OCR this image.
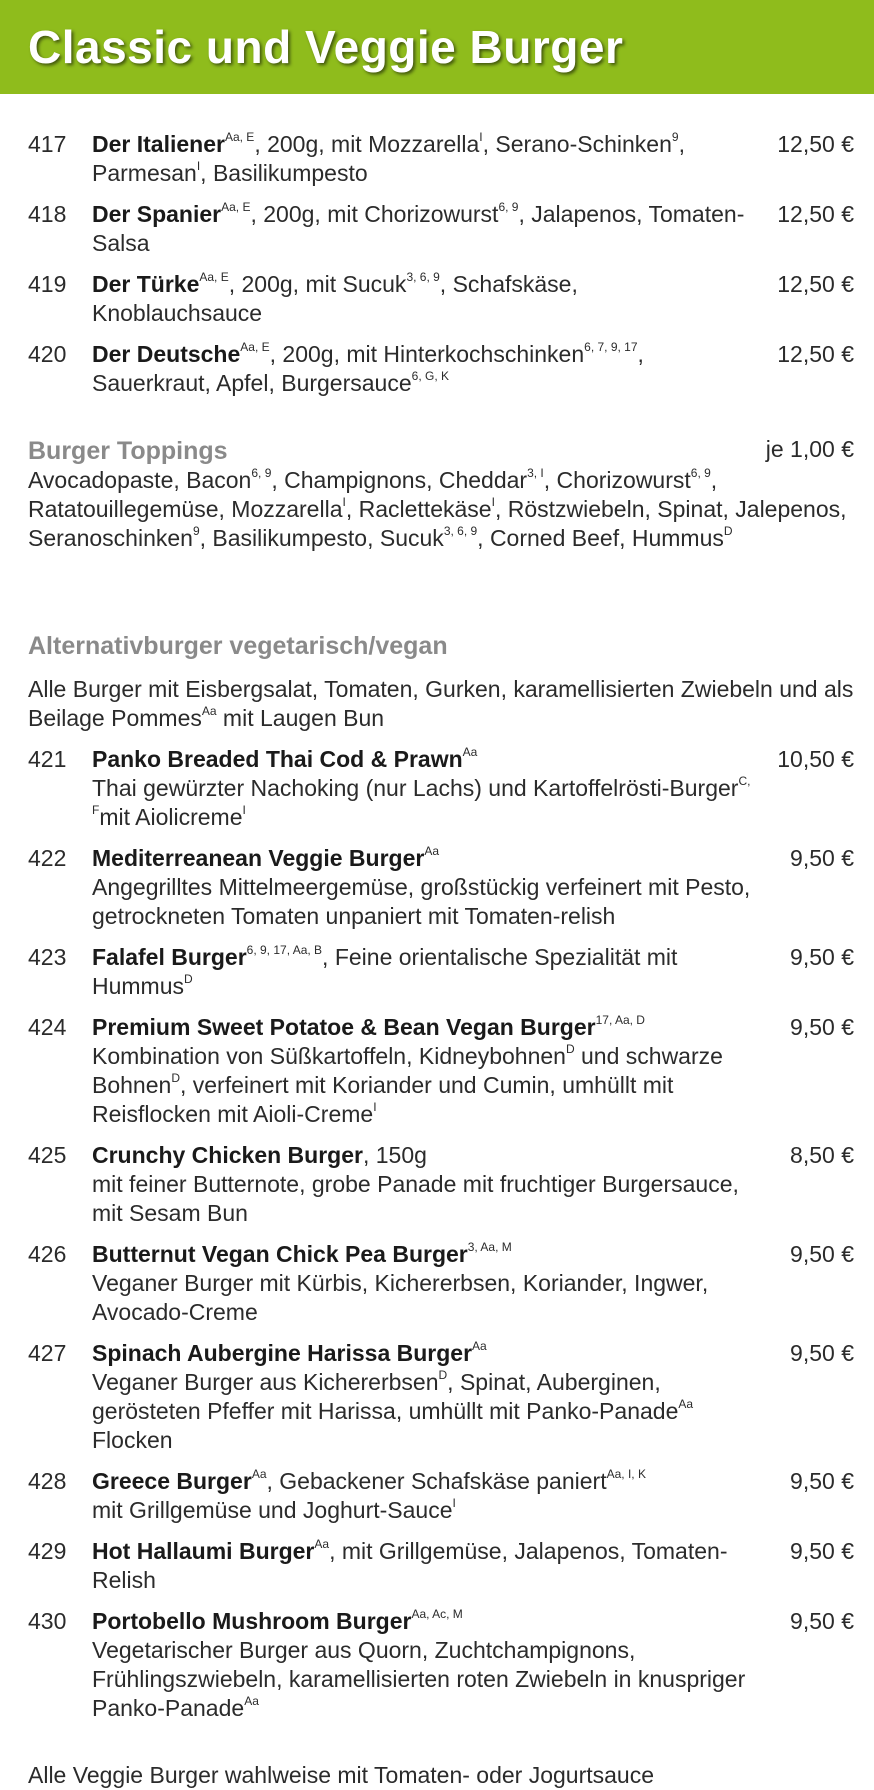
Classic und Veggie Burger
417	Der Italiener$^{Aa, E}$, 200g, mit Mozzarella$^I$, Serano-Schinken$^9$, Parmesan$^I$, Basilikumpesto
12,50 €
418	Der Spanier$^{Aa, E}$, 200g, mit Chorizowurst$^{6, 9}$, Jalapenos, Tomaten-Salsa
12,50 €
419	Der Türke$^{Aa, E}$, 200g, mit Sucuk$^{3, 6, 9}$, Schafskäse, Knoblauchsauce
12,50 €
420	Der Deutsche$^{Aa, E}$, 200g, mit Hinterkochschinken$^{6, 7, 9, 17}$, Sauerkraut, Apfel, Burgersauce$^{6, G, K}$
12,50 €
Burger Toppings	je 1,00 €
Avocadopaste, Bacon$^{6, 9}$, Champignons, Cheddar$^{3, I}$, Chorizowurst$^{6, 9}$, Ratatouillegemüse, Mozzarella$^I$, Raclettekäse$^I$, Röstzwiebeln, Spinat, Jalepenos, Seranoschinken$^9$, Basilikumpesto, Sucuk$^{3, 6, 9}$, Corned Beef, Hummus$^D$
Alternativburger vegetarisch/vegan
Alle Burger mit Eisbergsalat, Tomaten, Gurken, karamellisierten Zwiebeln und als Beilage Pommes$^{Aa}$ mit Laugen Bun
421	Panko Breaded Thai Cod & Prawn$^{Aa}$
Thai gewürzter Nachoking (nur Lachs) und Kartoffelrösti-Burger$^{C, F}$mit Aiolicreme$^I$
10,50 €
422	Mediterreanean Veggie Burger$^{Aa}$
Angegrillt﻿es Mittelmeergemüse, großstückig verfeinert mit Pesto, getrockneten Tomaten unpaniert mit Tomaten-relish
9,50 €
423	Falafel Burger$^{6, 9, 17, Aa, B}$, Feine orientalische Spezialität mit Hummus$^D$
9,50 €
424	Premium Sweet Potatoe & Bean Vegan Burger$^{17, Aa, D}$
Kombination von Süßkartoffeln, Kidneybohnen$^D$ und schwarze Bohnen$^D$, verfeinert mit Koriander und Cumin, umhüllt mit Reisflocken mit Aioli-Creme$^I$
9,50 €
425	Crunchy Chicken Burger, 150g
mit feiner Butternote, grobe Panade mit fruchtiger Burgersauce, mit Sesam Bun
8,50 €
426	Butternut Vegan Chick Pea Burger$^{3, Aa, M}$
Veganer Burger mit Kürbis, Kichererbsen, Koriander, Ingwer, Avocado-Creme
9,50 €
427	Spinach Aubergine Harissa Burger$^{Aa}$
Veganer Burger aus Kichererbsen$^D$, Spinat, Auberginen, gerösteten Pfeffer mit Harissa, umhüllt mit Panko-Panade$^{Aa}$ Flocken
9,50 €
428	Greece Burger$^{Aa}$, Gebackener Schafskäse paniert$^{Aa, I, K}$
mit Grillgemüse und Joghurt-Sauce$^I$
9,50 €
429	Hot Hallaumi Burger$^{Aa}$, mit Grillgemüse, Jalapenos, Tomaten-Relish
9,50 €
430	Portobello Mushroom Burger$^{Aa, Ac, M}$
Vegetarischer Burger aus Quorn, Zuchtchampignons, Frühlingszwiebeln, karamellisierten roten Zwiebeln in knuspriger Panko-Panade$^{Aa}$
9,50 €
Alle Veggie Burger wahlweise mit Tomaten- oder Jogurtsauce
